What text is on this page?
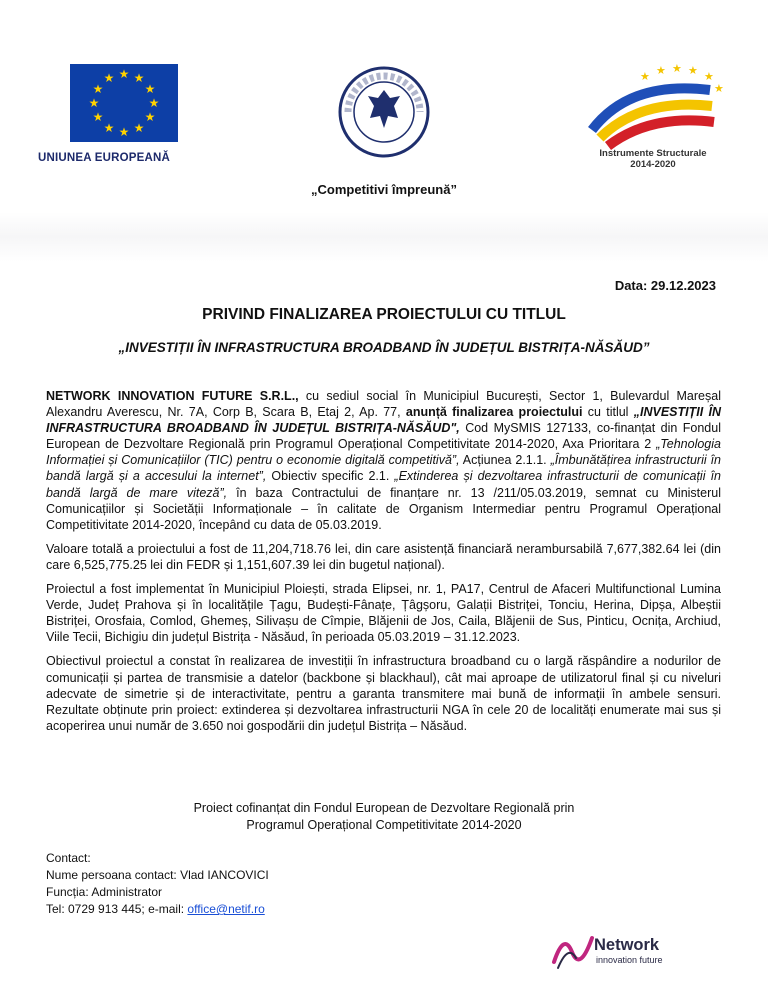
★ ★
★
★
★
★
★
★
★
★
★
★
UNIUNEA EUROPEANĂ
★ ★ ★ ★ ★
★
Instrumente Structurale
2014-2020
„Competitivi împreună”
Data: 29.12.2023
PRIVIND FINALIZAREA PROIECTULUI CU TITLUL
„INVESTIȚII ÎN INFRASTRUCTURA BROADBAND ÎN JUDEȚUL BISTRIȚA-NĂSĂUD”

NETWORK INNOVATION FUTURE S.R.L., cu sediul social în Municipiul București, Sector 1, Bulevardul Mareșal Alexandru Averescu, Nr. 7A, Corp B, Scara B, Etaj 2, Ap. 77, anunță finalizarea proiectului cu titlul „INVESTIȚII ÎN INFRASTRUCTURA BROADBAND ÎN JUDEȚUL BISTRIȚA-NĂSĂUD", Cod MySMIS 127133, co-finanțat din Fondul European de Dezvoltare Regională prin Programul Operațional Competitivitate 2014-2020, Axa Prioritara 2 „Tehnologia Informației și Comunicațiilor (TIC) pentru o economie digitală competitivă”, Acțiunea 2.1.1. „Îmbunătățirea infrastructurii în bandă largă și a accesului la internet”, Obiectiv specific 2.1. „Extinderea și dezvoltarea infrastructurii de comunicații în bandă largă de mare viteză”, în baza Contractului de finanțare nr. 13 /211/05.03.2019, semnat cu Ministerul Comunicațiilor și Societății Informaționale – în calitate de Organism Intermediar pentru Programul Operațional Competitivitate 2014-2020, începând cu data de 05.03.2019.

Valoare totală a proiectului a fost de 11,204,718.76 lei, din care asistență financiară nerambursabilă 7,677,382.64 lei (din care 6,525,775.25 lei din FEDR și 1,151,607.39 lei din bugetul național).

Proiectul a fost implementat în Municipiul Ploiești, strada Elipsei, nr. 1, PA17, Centrul de Afaceri Multifunctional Lumina Verde, Județ Prahova și în localitățile Țagu, Budești-Fânațe, Țâgșoru, Galații Bistriței, Tonciu, Herina, Dipșa, Albeștii Bistriței, Orosfaia, Comlod, Ghemeș, Silivașu de Cîmpie, Blăjenii de Jos, Caila, Blăjenii de Sus, Pinticu, Ocnița, Archiud, Viile Tecii, Bichigiu din județul Bistrița - Năsăud, în perioada 05.03.2019 – 31.12.2023.

Obiectivul proiectul a constat în realizarea de investiții în infrastructura broadband cu o largă răspândire a nodurilor de comunicații și partea de transmisie a datelor (backbone și blackhaul), cât mai aproape de utilizatorul final și cu niveluri adecvate de simetrie și de interactivitate, pentru a garanta transmitere mai bună de informații în ambele sensuri. Rezultate obținute prin proiect: extinderea și dezvoltarea infrastructurii NGA în cele 20 de localități enumerate mai sus și acoperirea unui număr de 3.650 noi gospodării din județul Bistrița – Năsăud.

Proiect cofinanțat din Fondul European de Dezvoltare Regională prin
Programul Operațional Competitivitate 2014-2020
Contact:
Nume persoana contact: Vlad IANCOVICI
Funcția: Administrator
Tel: 0729 913 445; e-mail: office@netif.ro
Network
innovation future
